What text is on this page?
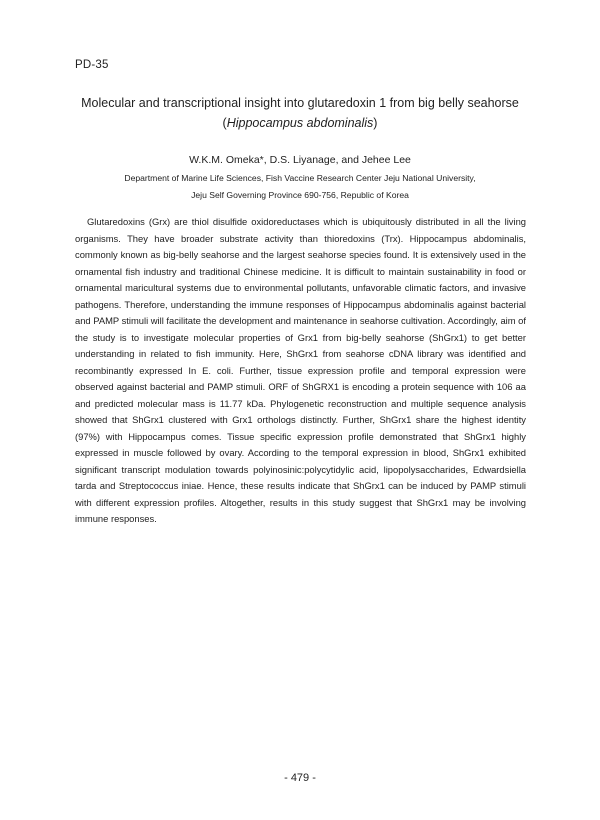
PD-35
Molecular and transcriptional insight into glutaredoxin 1 from big belly seahorse
(Hippocampus abdominalis)
W.K.M. Omeka*, D.S. Liyanage, and Jehee Lee
Department of Marine Life Sciences, Fish Vaccine Research Center Jeju National University,
Jeju Self Governing Province 690-756, Republic of Korea

Glutaredoxins (Grx) are thiol disulfide oxidoreductases which is ubiquitously distributed in all the living organisms. They have broader substrate activity than thioredoxins (Trx). Hippocampus abdominalis, commonly known as big-belly seahorse and the largest seahorse species found. It is extensively used in the ornamental fish industry and traditional Chinese medicine. It is difficult to maintain sustainability in food or ornamental maricultural systems due to environmental pollutants, unfavorable climatic factors, and invasive pathogens. Therefore, understanding the immune responses of Hippocampus abdominalis against bacterial and PAMP stimuli will facilitate the development and maintenance in seahorse cultivation. Accordingly, aim of the study is to investigate molecular properties of Grx1 from big-belly seahorse (ShGrx1) to get better understanding in related to fish immunity. Here, ShGrx1 from seahorse cDNA library was identified and recombinantly expressed In E. coli. Further, tissue expression profile and temporal expression were observed against bacterial and PAMP stimuli. ORF of ShGRX1 is encoding a protein sequence with 106 aa and predicted molecular mass is 11.77 kDa. Phylogenetic reconstruction and multiple sequence analysis showed that ShGrx1 clustered with Grx1 orthologs distinctly. Further, ShGrx1 share the highest identity (97%) with Hippocampus comes. Tissue specific expression profile demonstrated that ShGrx1 highly expressed in muscle followed by ovary. According to the temporal expression in blood, ShGrx1 exhibited significant transcript modulation towards polyinosinic:polycytidylic acid, lipopolysaccharides, Edwardsiella tarda and Streptococcus iniae. Hence, these results indicate that ShGrx1 can be induced by PAMP stimuli with different expression profiles. Altogether, results in this study suggest that ShGrx1 may be involving immune responses.

- 479 -
